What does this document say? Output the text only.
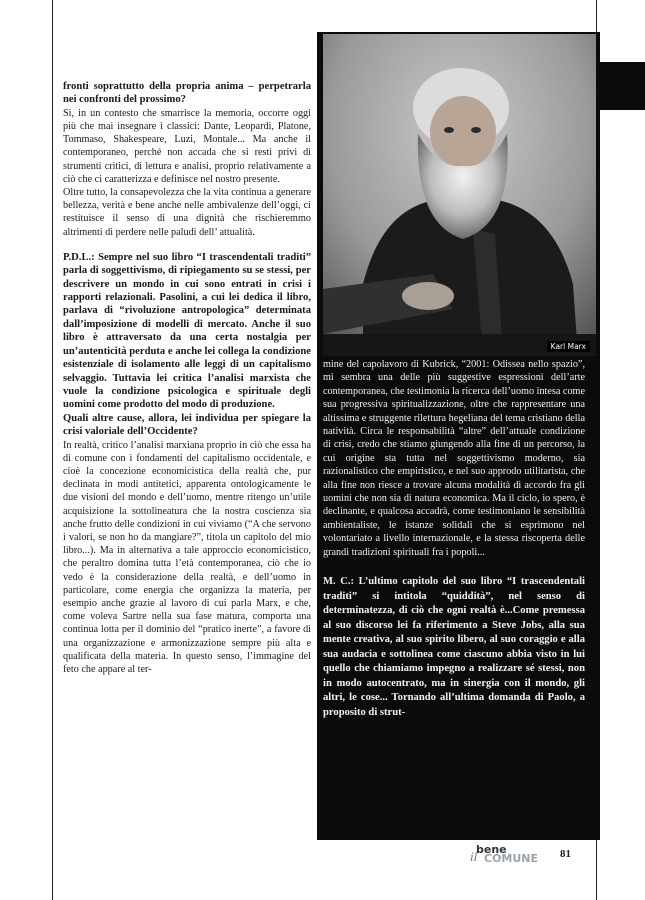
fronti soprattutto della propria anima – perpetrarla nei confronti del prossimo?

Sì, in un contesto che smarrisce la memoria, occorre oggi più che mai insegnare i classici: Dante, Leopardi, Platone, Tommaso, Shakespeare, Luzi, Montale... Ma anche il contemporaneo, perché non accada che si resti privi di strumenti critici, di lettura e analisi, proprio relativamente a ciò che ci caratterizza e definisce nel nostro presente.

Oltre tutto, la consapevolezza che la vita continua a generare bellezza, verità e bene anche nelle ambivalenze dell’oggi, ci restituisce il senso di una dignità che rischieremmo altrimenti di perdere nelle paludi dell’ attualità.

P.D.L.: Sempre nel suo libro “I trascendentali traditi” parla di soggettivismo, di ripiegamento su se stessi, per descrivere un mondo in cui sono entrati in crisi i rapporti relazionali. Pasolini, a cui lei dedica il libro, parlava di “rivoluzione antropologica” determinata dall’imposizione di modelli di mercato. Anche il suo libro è attraversato da una certa nostalgia per un’autenticità perduta e anche lei collega la condizione esistenziale di isolamento alle leggi di un capitalismo selvaggio. Tuttavia lei critica l’analisi marxista che vuole la condizione psicologica e spirituale degli uomini come prodotto del modo di produzione.

Quali altre cause, allora, lei individua per spiegare la crisi valoriale dell’Occidente?

In realtà, critico l’analisi marxiana proprio in ciò che essa ha di comune con i fondamenti del capitalismo occidentale, e cioè la concezione economicistica della realtà che, pur declinata in modi antitetici, apparenta ontologicamente le due visioni del mondo e dell’uomo, mentre ritengo un’utile acquisizione la sottolineatura che la nostra coscienza sia anche frutto delle condizioni in cui viviamo (“A che servono i valori, se non ho da mangiare?”, titola un capitolo del mio libro...). Ma in alternativa a tale approccio economicistico, che peraltro domina tutta l’età contemporanea, ciò che io vedo è la considerazione della realtà, e dell’uomo in particolare, come energia che organizza la materia, per esempio anche grazie al lavoro di cui parla Marx, e che, come voleva Sartre nella sua fase matura, comporta una continua lotta per il dominio del “pratico inerte”, a favore di una organizzazione e armonizzazione sempre più alta e qualificata della materia. In questo senso, l’immagine del feto che appare al ter-

Karl Marx

mine del capolavoro di Kubrick, “2001: Odissea nello spazio”, mi sembra una delle più suggestive espressioni dell’arte contemporanea, che testimonia la ricerca dell’uomo intesa come sua progressiva spiritualizzazione, oltre che rappresentare una altissima e struggente rilettura hegeliana del tema cristiano della natività. Circa le responsabilità “altre” dell’attuale condizione di crisi, credo che stiamo giungendo alla fine di un percorso, la cui origine sta tutta nel soggettivismo moderno, sia razionalistico che empiristico, e nel suo approdo utilitarista, che alla fine non riesce a trovare alcuna modalità di accordo fra gli uomini che non sia di natura economica. Ma il ciclo, io spero, è declinante, e qualcosa accadrà, come testimoniano le sensibilità ambientaliste, le istanze solidali che si esprimono nel volontariato a livello internazionale, e la stessa riscoperta delle grandi tradizioni spirituali fra i popoli...

M. C.: L’ultimo capitolo del suo libro “I trascendentali traditi” si intitola “quiddità”, nel senso di determinatezza, di ciò che ogni realtà è...Come premessa al suo discorso lei fa riferimento a Steve Jobs, alla sua mente creativa, al suo spirito libero, al suo coraggio e alla sua audacia e sottolinea come ciascuno abbia visto in lui quello che chiamiamo impegno a realizzare sé stessi, non in modo autocentrato, ma in sinergia con il mondo, gli altri, le cose... Tornando all’ultima domanda di Paolo, a proposito di strut-

il
bene
COMUNE 81
